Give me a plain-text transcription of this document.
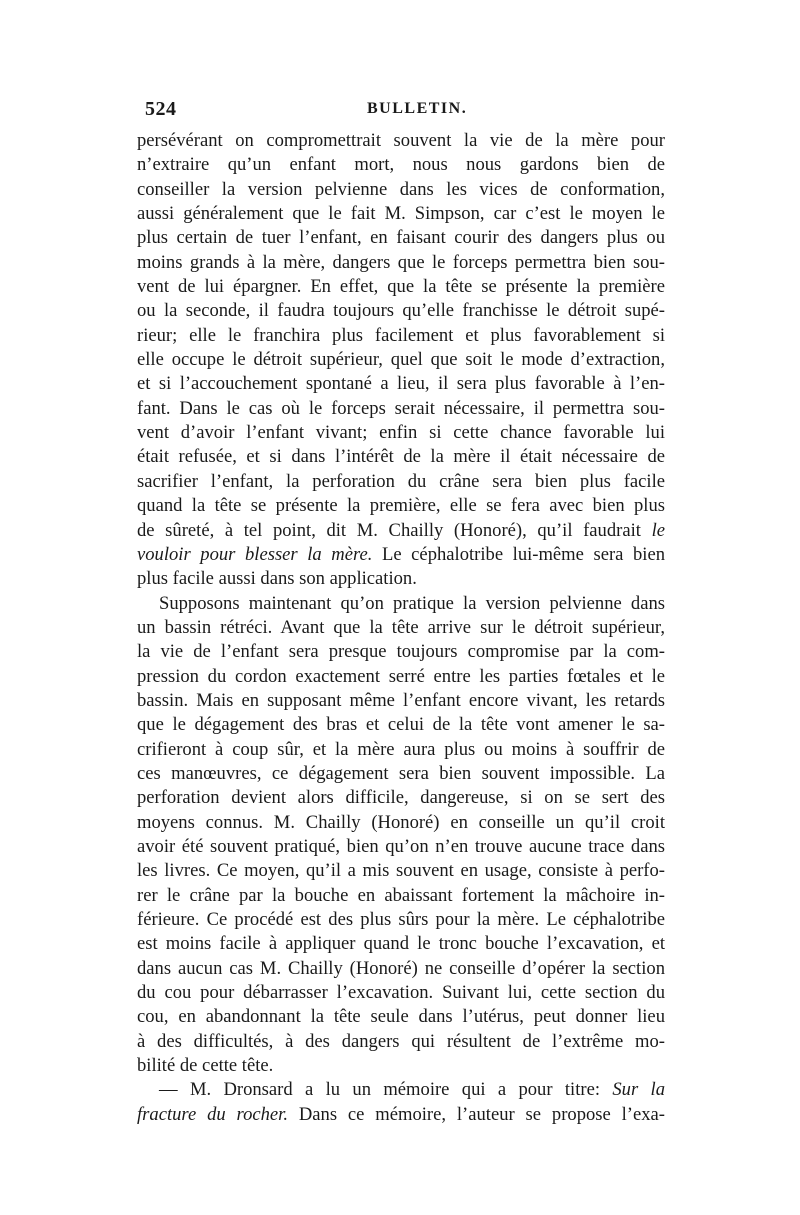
524	BULLETIN.
persévérant on compromettrait souvent la vie de la mère pour
n’extraire qu’un enfant mort, nous nous gardons bien de
conseiller la version pelvienne dans les vices de conformation,
aussi généralement que le fait M. Simpson, car c’est le moyen le
plus certain de tuer l’enfant, en faisant courir des dangers plus ou
moins grands à la mère, dangers que le forceps permettra bien sou-
vent de lui épargner. En effet, que la tête se présente la première
ou la seconde, il faudra toujours qu’elle franchisse le détroit supé-
rieur; elle le franchira plus facilement et plus favorablement si
elle occupe le détroit supérieur, quel que soit le mode d’extraction,
et si l’accouchement spontané a lieu, il sera plus favorable à l’en-
fant. Dans le cas où le forceps serait nécessaire, il permettra sou-
vent d’avoir l’enfant vivant; enfin si cette chance favorable lui
était refusée, et si dans l’intérêt de la mère il était nécessaire de
sacrifier l’enfant, la perforation du crâne sera bien plus facile
quand la tête se présente la première, elle se fera avec bien plus
de sûreté, à tel point, dit M. Chailly (Honoré), qu’il faudrait le
vouloir pour blesser la mère. Le céphalotribe lui-même sera bien
plus facile aussi dans son application.
Supposons maintenant qu’on pratique la version pelvienne dans
un bassin rétréci. Avant que la tête arrive sur le détroit supérieur,
la vie de l’enfant sera presque toujours compromise par la com-
pression du cordon exactement serré entre les parties fœtales et le
bassin. Mais en supposant même l’enfant encore vivant, les retards
que le dégagement des bras et celui de la tête vont amener le sa-
crifieront à coup sûr, et la mère aura plus ou moins à souffrir de
ces manœuvres, ce dégagement sera bien souvent impossible. La
perforation devient alors difficile, dangereuse, si on se sert des
moyens connus. M. Chailly (Honoré) en conseille un qu’il croit
avoir été souvent pratiqué, bien qu’on n’en trouve aucune trace dans
les livres. Ce moyen, qu’il a mis souvent en usage, consiste à perfo-
rer le crâne par la bouche en abaissant fortement la mâchoire in-
férieure. Ce procédé est des plus sûrs pour la mère. Le céphalotribe
est moins facile à appliquer quand le tronc bouche l’excavation, et
dans aucun cas M. Chailly (Honoré) ne conseille d’opérer la section
du cou pour débarrasser l’excavation. Suivant lui, cette section du
cou, en abandonnant la tête seule dans l’utérus, peut donner lieu
à des difficultés, à des dangers qui résultent de l’extrême mo-
bilité de cette tête.
— M. Dronsard a lu un mémoire qui a pour titre: Sur la
fracture du rocher. Dans ce mémoire, l’auteur se propose l’exa-
